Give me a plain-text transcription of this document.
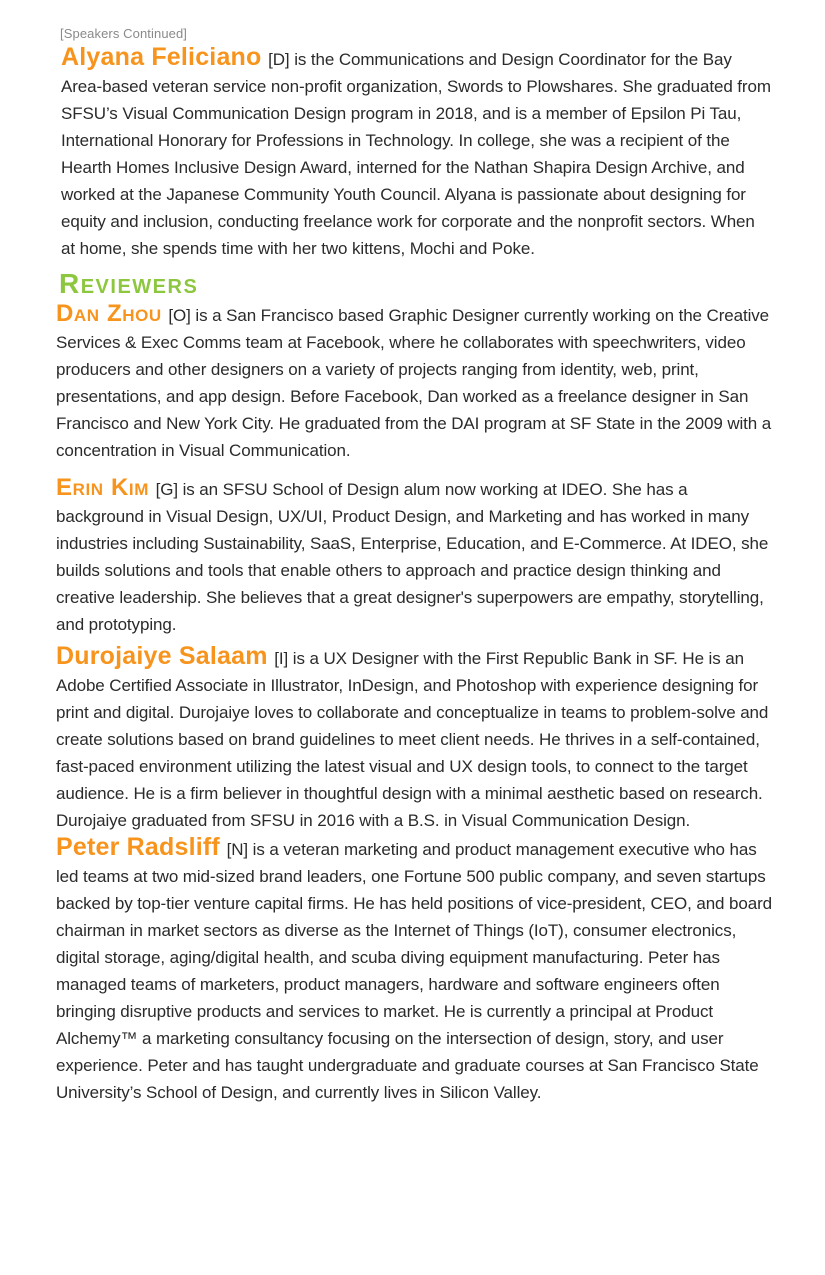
[Speakers Continued]

Alyana Feliciano [D] is the Communications and Design Coordinator for the Bay Area-based veteran service non-profit organization, Swords to Plowshares. She graduated from SFSU’s Visual Communication Design program in 2018, and is a member of Epsilon Pi Tau, International Honorary for Professions in Technology. In college, she was a recipient of the Hearth Homes Inclusive Design Award, interned for the Nathan Shapira Design Archive, and worked at the Japanese Community Youth Council. Alyana is passionate about designing for equity and inclusion, conducting freelance work for corporate and the nonprofit sectors. When at home, she spends time with her two kittens, Mochi and Poke.

Reviewers

Dan Zhou [O] is a San Francisco based Graphic Designer currently working on the Creative Services & Exec Comms team at Facebook, where he collaborates with speechwriters, video producers and other designers on a variety of projects ranging from identity, web, print, presentations, and app design. Before Facebook, Dan worked as a freelance designer in San Francisco and New York City. He graduated from the DAI program at SF State in the 2009 with a concentration in Visual Communication.

Erin Kim [G] is an SFSU School of Design alum now working at IDEO. She has a background in Visual Design, UX/UI, Product Design, and Marketing and has worked in many industries including Sustainability, SaaS, Enterprise, Education, and E-Commerce. At IDEO, she builds solutions and tools that enable others to approach and practice design thinking and creative leadership. She believes that a great designer's superpowers are empathy, storytelling, and prototyping.

Durojaiye Salaam [I] is a UX Designer with the First Republic Bank in SF. He is an Adobe Certified Associate in Illustrator, InDesign, and Photoshop with experience designing for print and digital. Durojaiye loves to collaborate and conceptualize in teams to problem-solve and create solutions based on brand guidelines to meet client needs. He thrives in a self-contained, fast-paced environment utilizing the latest visual and UX design tools, to connect to the target audience. He is a firm believer in thoughtful design with a minimal aesthetic based on research. Durojaiye graduated from SFSU in 2016 with a B.S. in Visual Communication Design.

Peter Radsliff [N] is a veteran marketing and product management executive who has led teams at two mid-sized brand leaders, one Fortune 500 public company, and seven startups backed by top-tier venture capital firms. He has held positions of vice-president, CEO, and board chairman in market sectors as diverse as the Internet of Things (IoT), consumer electronics, digital storage, aging/digital health, and scuba diving equipment manufacturing. Peter has managed teams of marketers, product managers, hardware and software engineers often bringing disruptive products and services to market. He is currently a principal at Product Alchemy™ a marketing consultancy focusing on the intersection of design, story, and user experience. Peter and has taught undergraduate and graduate courses at San Francisco State University’s School of Design, and currently lives in Silicon Valley.
